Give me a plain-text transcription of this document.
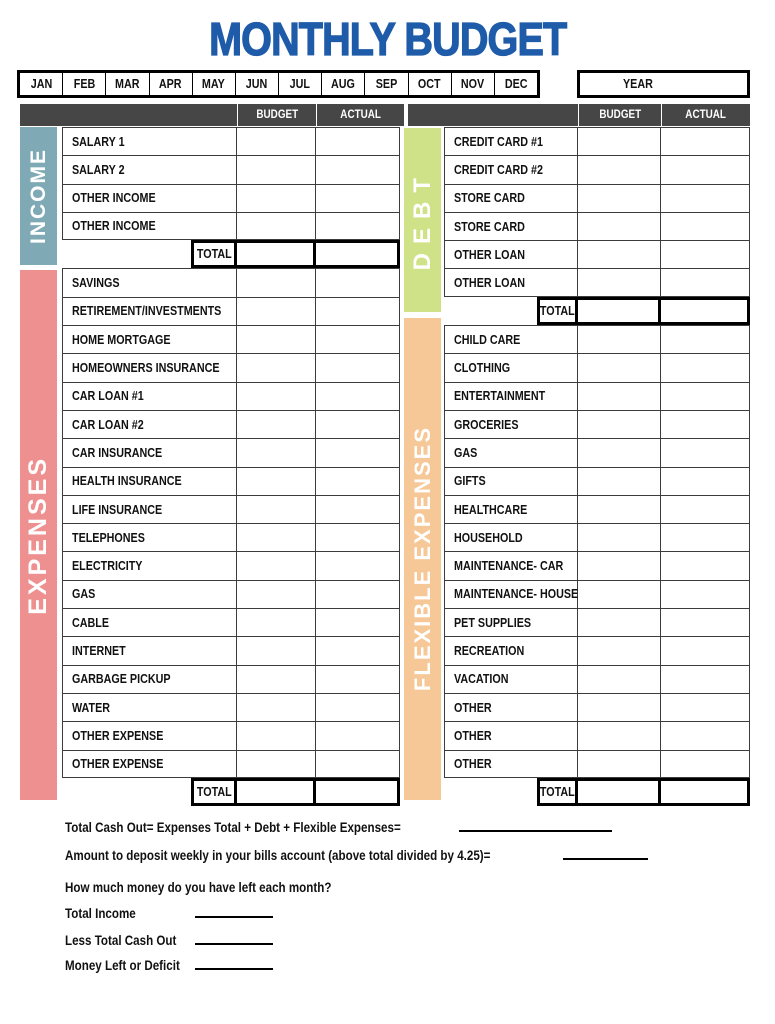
MONTHLY BUDGET
JAN FEB MAR APR MAY JUN JUL AUG SEP OCT NOV DEC	YEAR
BUDGET	ACTUAL	BUDGET	ACTUAL
INCOME
EXPENSES
DEBT
FLEXIBLE EXPENSES
SALARY 1
SALARY 2
OTHER INCOME
OTHER INCOME
TOTAL
SAVINGS
RETIREMENT/INVESTMENTS
HOME MORTGAGE
HOMEOWNERS INSURANCE
CAR LOAN #1
CAR LOAN #2
CAR INSURANCE
HEALTH INSURANCE
LIFE INSURANCE
TELEPHONES
ELECTRICITY
GAS
CABLE
INTERNET
GARBAGE PICKUP
WATER
OTHER EXPENSE
OTHER EXPENSE
TOTAL
CREDIT CARD #1
CREDIT CARD #2
STORE CARD
STORE CARD
OTHER LOAN
OTHER LOAN
TOTAL
CHILD CARE
CLOTHING
ENTERTAINMENT
GROCERIES
GAS
GIFTS
HEALTHCARE
HOUSEHOLD
MAINTENANCE- CAR
MAINTENANCE- HOUSE
PET SUPPLIES
RECREATION
VACATION
OTHER
OTHER
OTHER
TOTAL
Total Cash Out= Expenses Total + Debt + Flexible Expenses=
Amount to deposit weekly in your bills account (above total divided by 4.25)=
How much money do you have left each month?
Total Income
Less Total Cash Out
Money Left or Deficit
